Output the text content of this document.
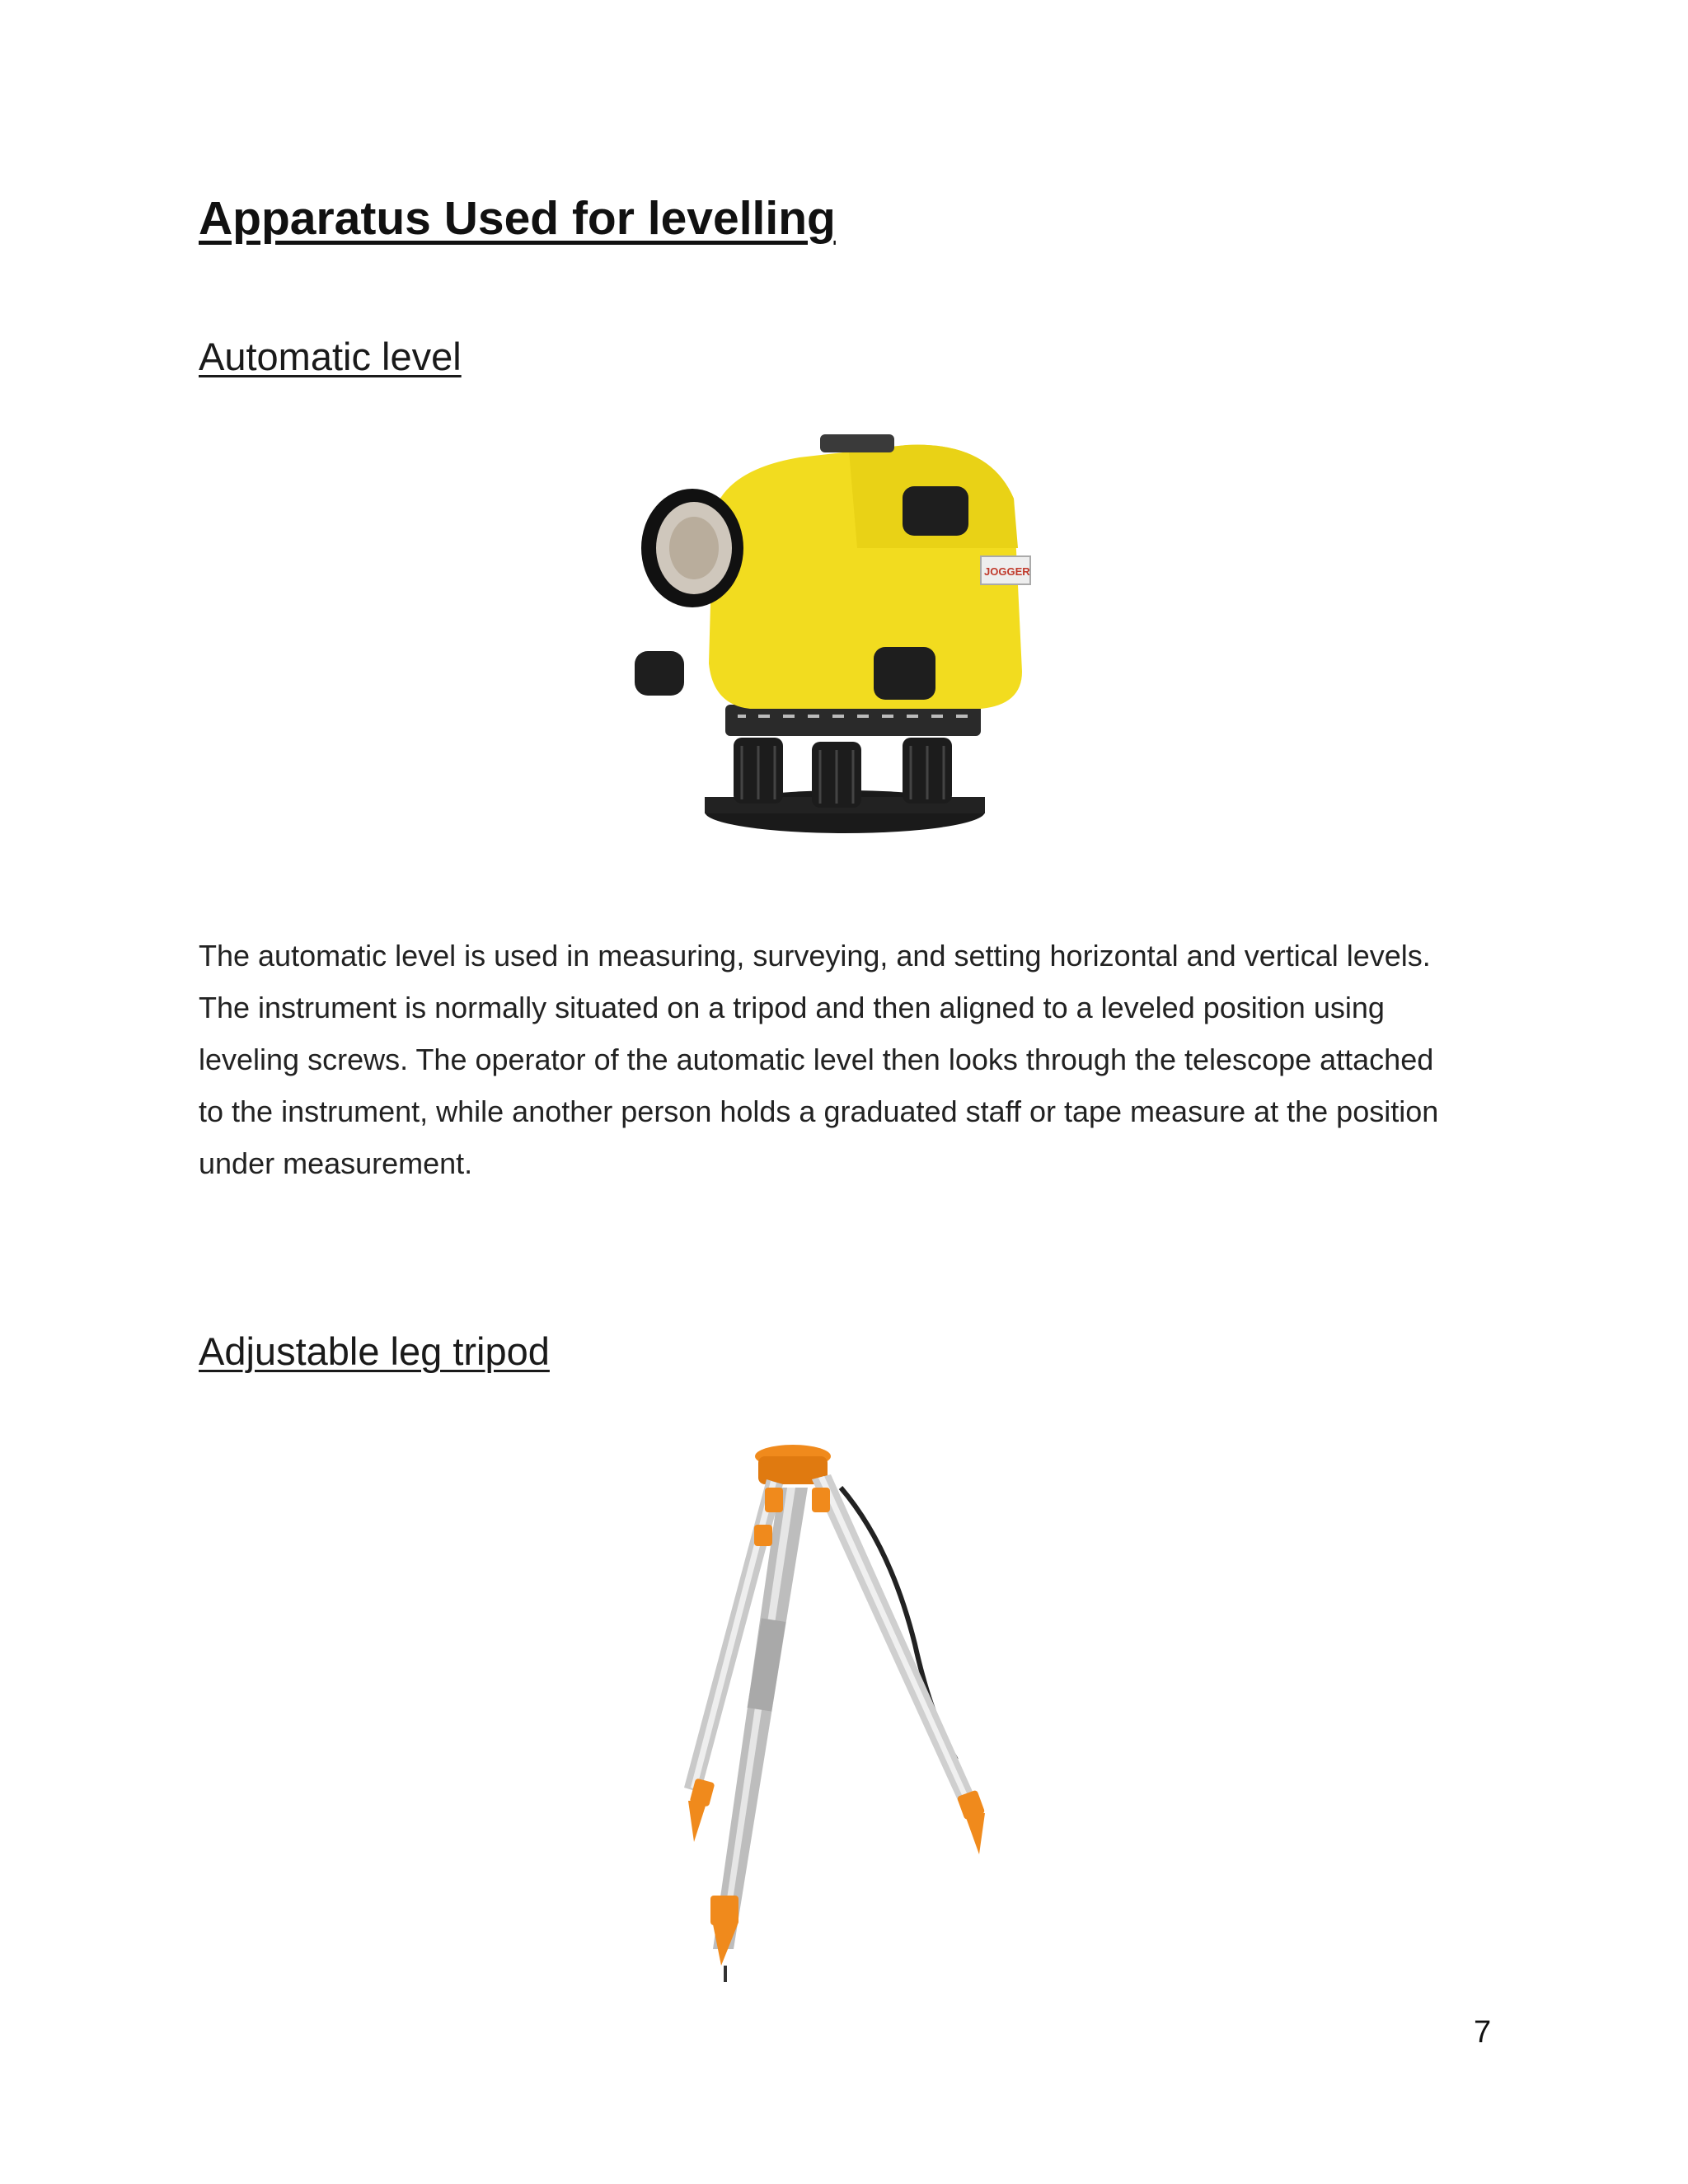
Apparatus Used for levelling
Automatic level
JOGGER
The automatic level is used in measuring, surveying, and setting horizontal and vertical levels.
The instrument is normally situated on a tripod and then aligned to a leveled position using
leveling screws. The operator of the automatic level then looks through the telescope attached
to the instrument, while another person holds a graduated staff or tape measure at the position
under measurement.
Adjustable leg tripod
7
